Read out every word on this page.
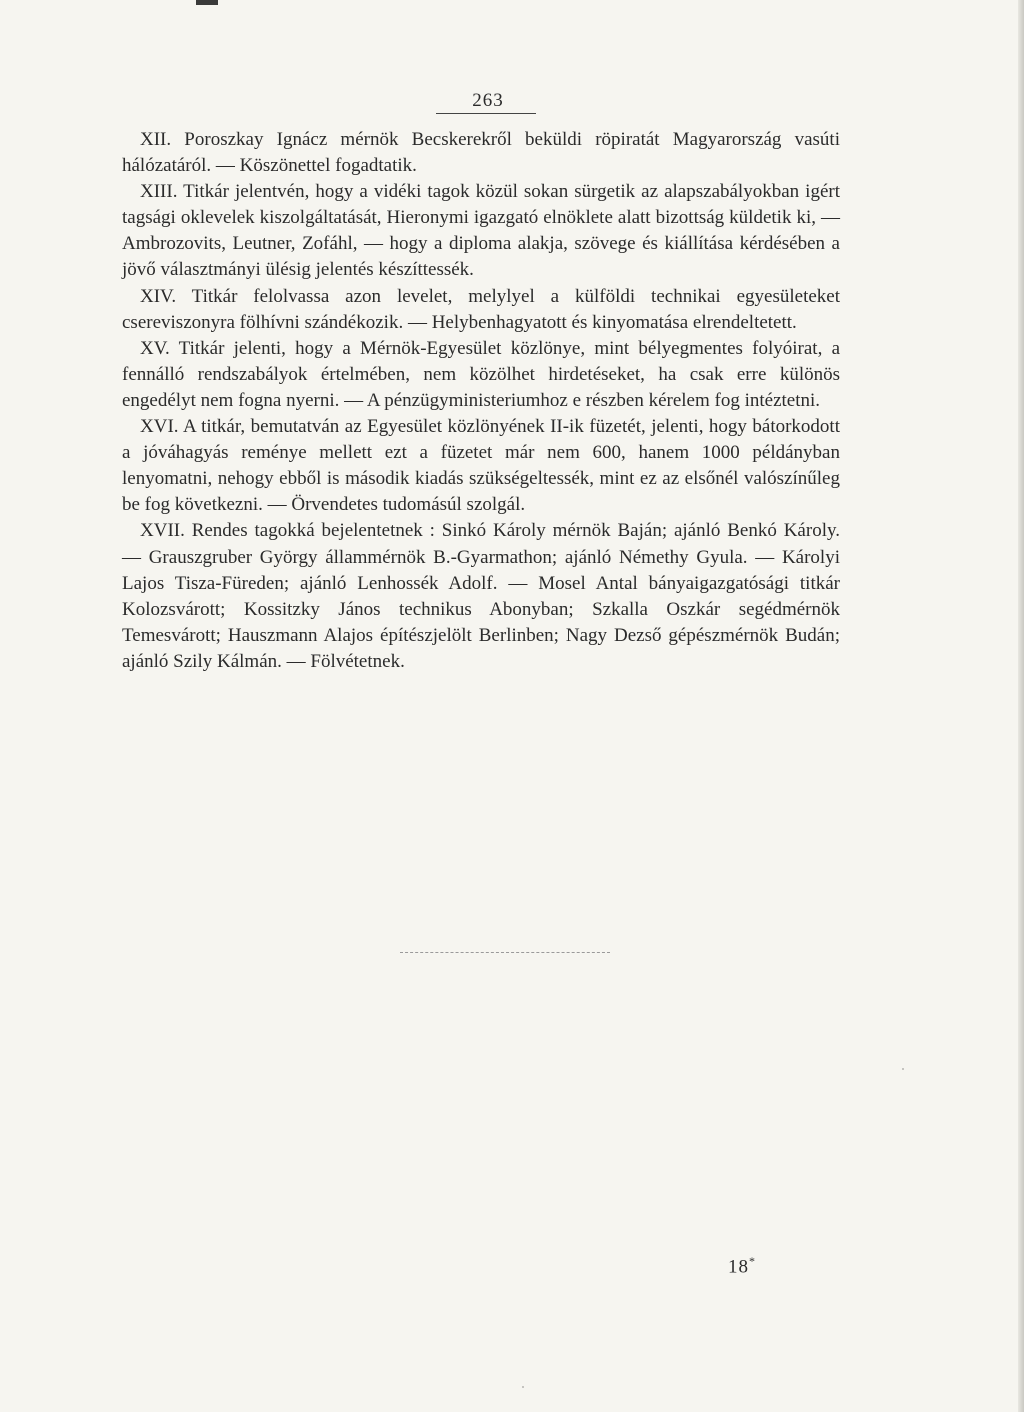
263

XII. Poroszkay Ignácz mérnök Becskerekről beküldi röpiratát Magyarország vasúti hálózatáról. — Köszönettel fogadtatik.

XIII. Titkár jelentvén, hogy a vidéki tagok közül sokan sürgetik az alapszabályokban igért tagsági oklevelek kiszolgáltatását, Hieronymi igazgató elnöklete alatt bizottság küldetik ki, — Ambrozovits, Leutner, Zofáhl, — hogy a diploma alakja, szövege és kiállítása kérdésében a jövő választmányi ülésig jelentés készíttessék.

XIV. Titkár felolvassa azon levelet, melylyel a külföldi technikai egyesületeket csereviszonyra fölhívni szándékozik. — Helybenhagyatott és kinyomatása elrendeltetett.

XV. Titkár jelenti, hogy a Mérnök-Egyesület közlönye, mint bélyegmentes folyóirat, a fennálló rendszabályok értelmében, nem közölhet hirdetéseket, ha csak erre különös engedélyt nem fogna nyerni. — A pénzügyministeriumhoz e részben kérelem fog intéztetni.

XVI. A titkár, bemutatván az Egyesület közlönyének II-ik füzetét, jelenti, hogy bátorkodott a jóváhagyás reménye mellett ezt a füzetet már nem 600, hanem 1000 példányban lenyomatni, nehogy ebből is második kiadás szükségeltessék, mint ez az elsőnél valószínűleg be fog következni. — Örvendetes tudomásúl szolgál.

XVII. Rendes tagokká bejelentetnek : Sinkó Károly mérnök Baján; ajánló Benkó Károly. — Grauszgruber György állammérnök B.-Gyarmathon; ajánló Némethy Gyula. — Károlyi Lajos Tisza-Füreden; ajánló Lenhossék Adolf. — Mosel Antal bányaigazgatósági titkár Kolozsvárott; Kossitzky János technikus Abonyban; Szkalla Oszkár segédmérnök Temesvárott; Hauszmann Alajos építészjelölt Berlinben; Nagy Dezső gépészmérnök Budán; ajánló Szily Kálmán. — Fölvétetnek.

18*
